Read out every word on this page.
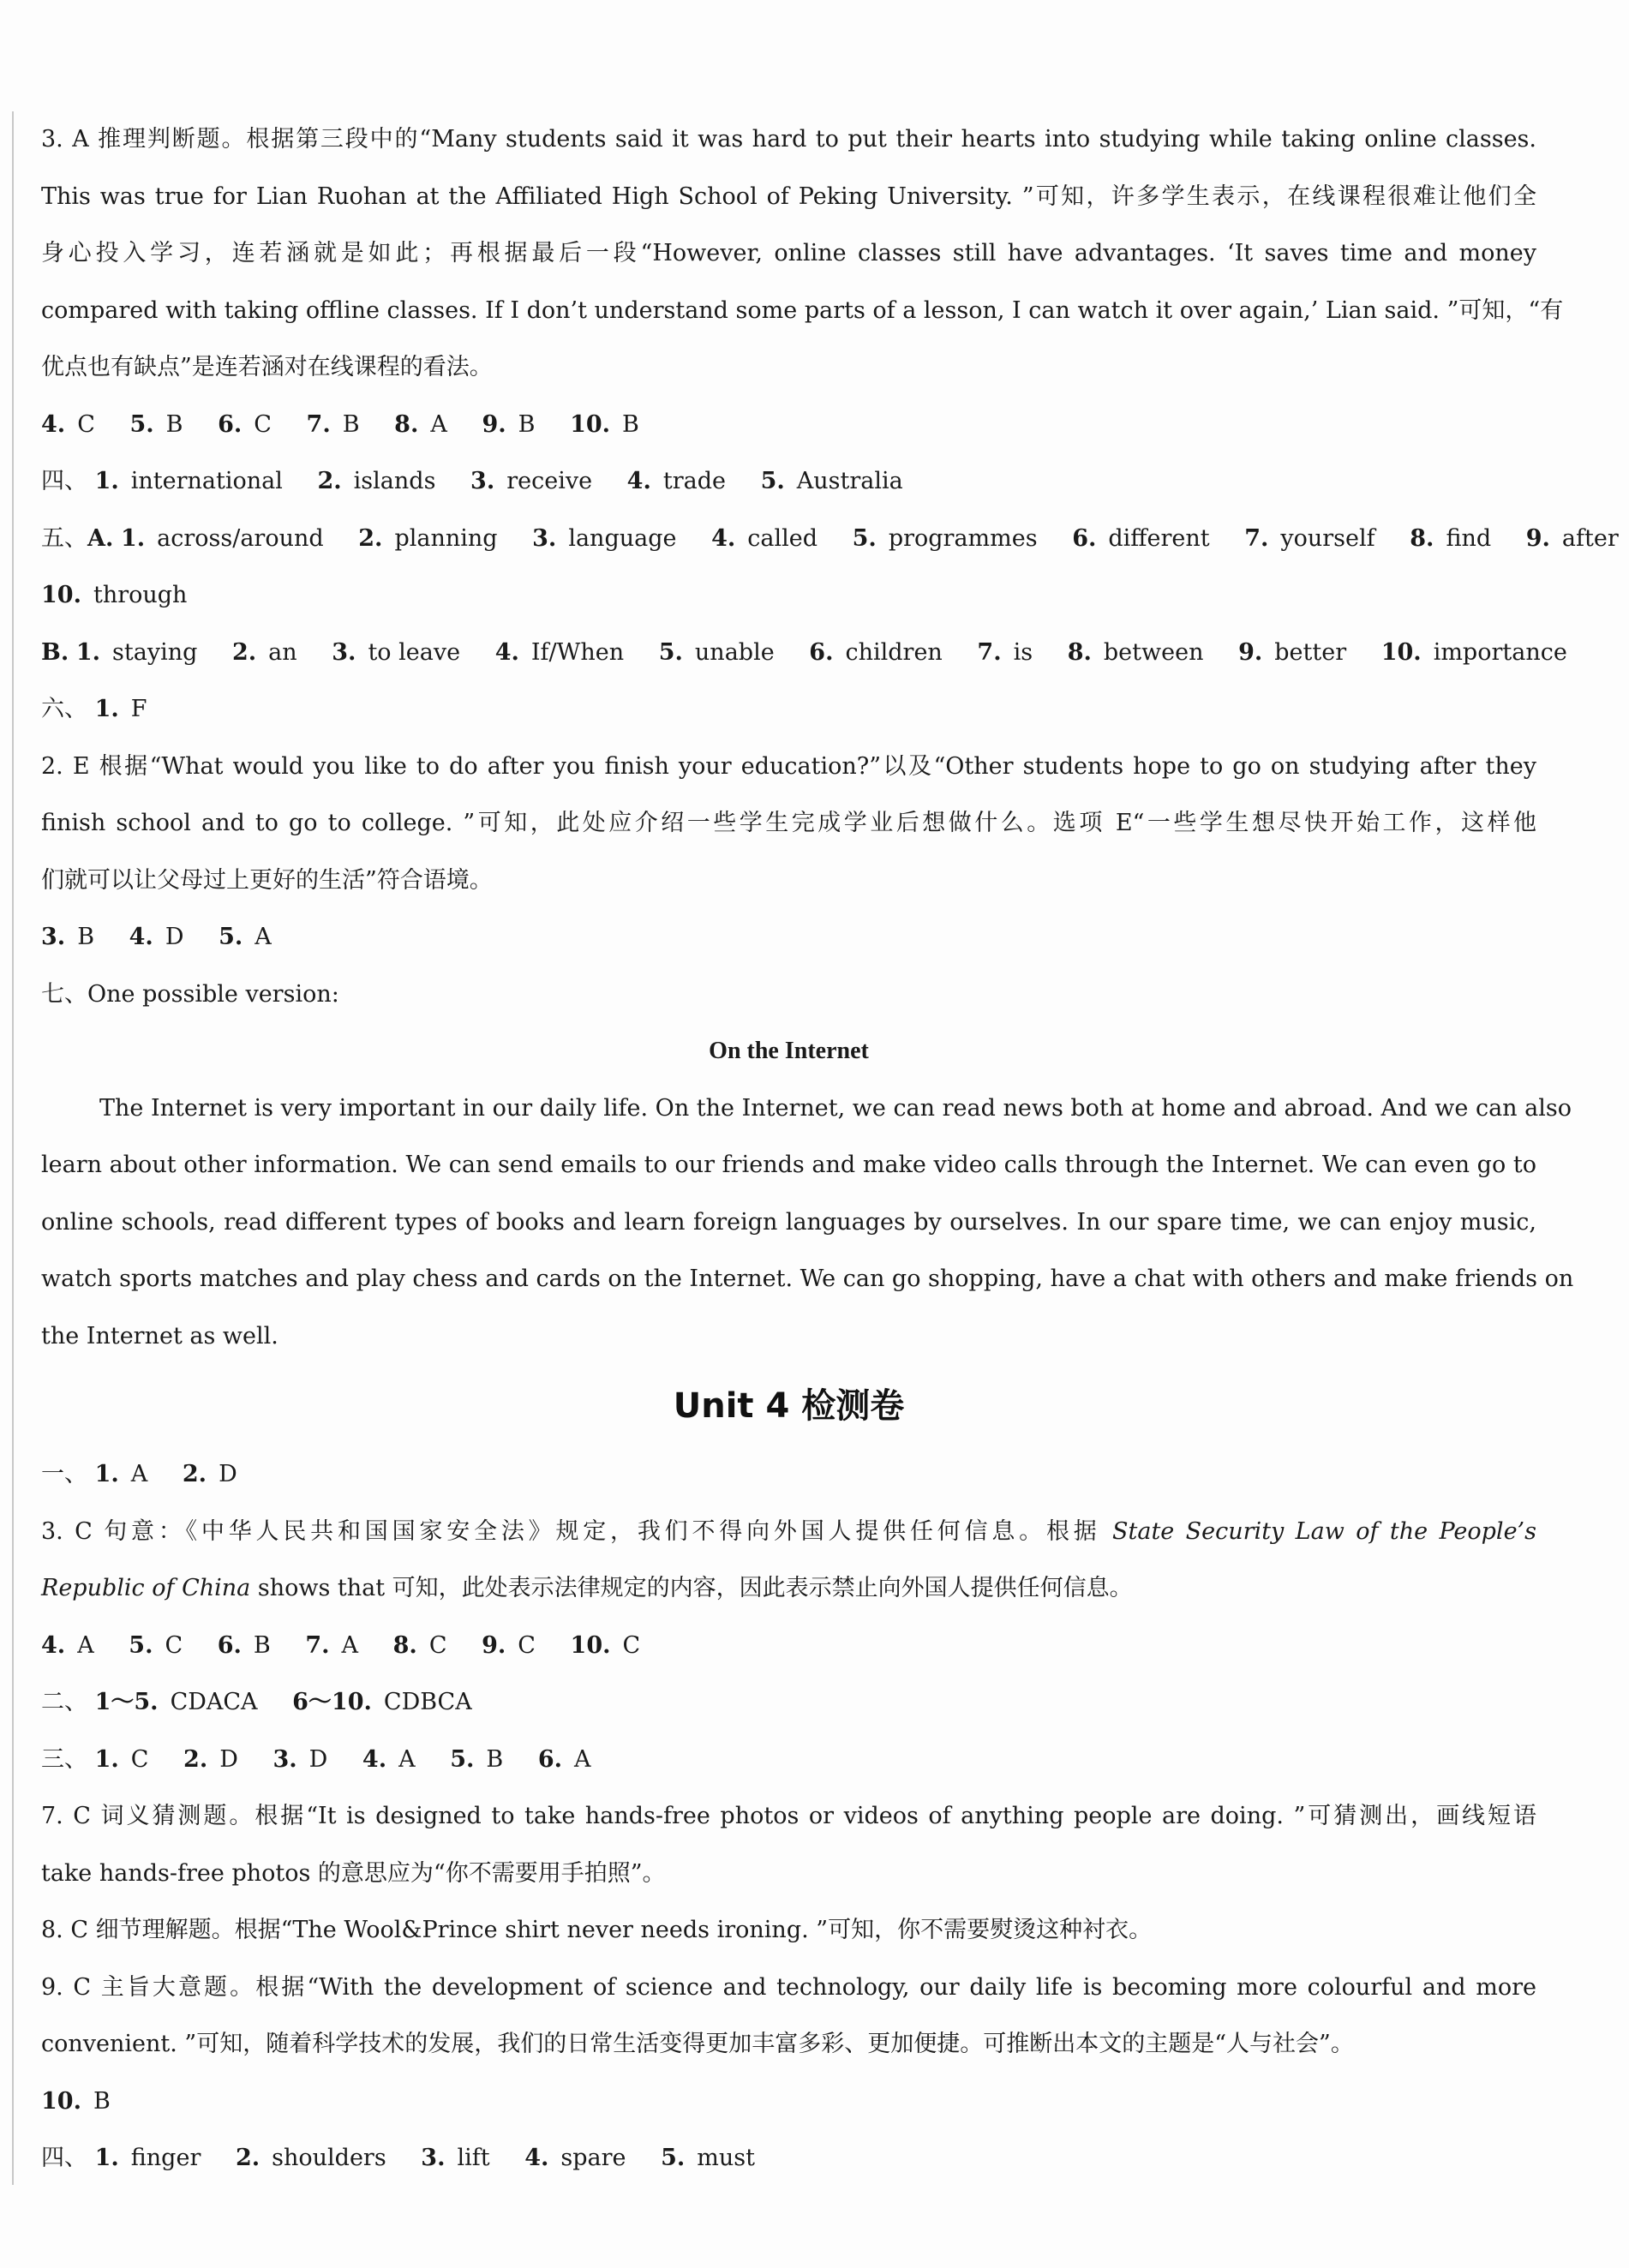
3. A 推理判断题。根据第三段中的“Many students said it was hard to put their hearts into studying while taking online classes.
This was true for Lian Ruohan at the Affiliated High School of Peking University. ”可知，许多学生表示，在线课程很难让他们全
身心投入学习，连若涵就是如此；再根据最后一段“However, online classes still have advantages. ‘It saves time and money
compared with taking offline classes. If I don’t understand some parts of a lesson, I can watch it over again,’ Lian said. ”可知，“有
优点也有缺点”是连若涵对在线课程的看法。
4. C 5. B 6. C 7. B 8. A 9. B 10. B
四、 1. international 2. islands 3. receive 4. trade 5. Australia
五、A. 1. across/around 2. planning 3. language 4. called 5. programmes 6. different 7. yourself 8. find 9. after
10. through
B. 1. staying 2. an 3. to leave 4. If/When 5. unable 6. children 7. is 8. between 9. better 10. importance
六、 1. F
2. E 根据“What would you like to do after you finish your education?”以及“Other students hope to go on studying after they
finish school and to go to college. ”可知，此处应介绍一些学生完成学业后想做什么。选项 E“一些学生想尽快开始工作，这样他
们就可以让父母过上更好的生活”符合语境。
3. B 4. D 5. A
七、One possible version:
On the Internet
The Internet is very important in our daily life. On the Internet, we can read news both at home and abroad. And we can also
learn about other information. We can send emails to our friends and make video calls through the Internet. We can even go to
online schools, read different types of books and learn foreign languages by ourselves. In our spare time, we can enjoy music,
watch sports matches and play chess and cards on the Internet. We can go shopping, have a chat with others and make friends on
the Internet as well.
Unit 4 检测卷
一、 1. A 2. D
3. C 句意：《中华人民共和国国家安全法》规定，我们不得向外国人提供任何信息。根据 State Security Law of the People’s
Republic of China shows that 可知，此处表示法律规定的内容，因此表示禁止向外国人提供任何信息。
4. A 5. C 6. B 7. A 8. C 9. C 10. C
二、 1～5. CDACA 6～10. CDBCA
三、 1. C 2. D 3. D 4. A 5. B 6. A
7. C 词义猜测题。根据“It is designed to take hands-free photos or videos of anything people are doing. ”可猜测出，画线短语
take hands-free photos 的意思应为“你不需要用手拍照”。
8. C 细节理解题。根据“The Wool&Prince shirt never needs ironing. ”可知，你不需要熨烫这种衬衣。
9. C 主旨大意题。根据“With the development of science and technology, our daily life is becoming more colourful and more
convenient. ”可知，随着科学技术的发展，我们的日常生活变得更加丰富多彩、更加便捷。可推断出本文的主题是“人与社会”。
10. B
四、 1. finger 2. shoulders 3. lift 4. spare 5. must
